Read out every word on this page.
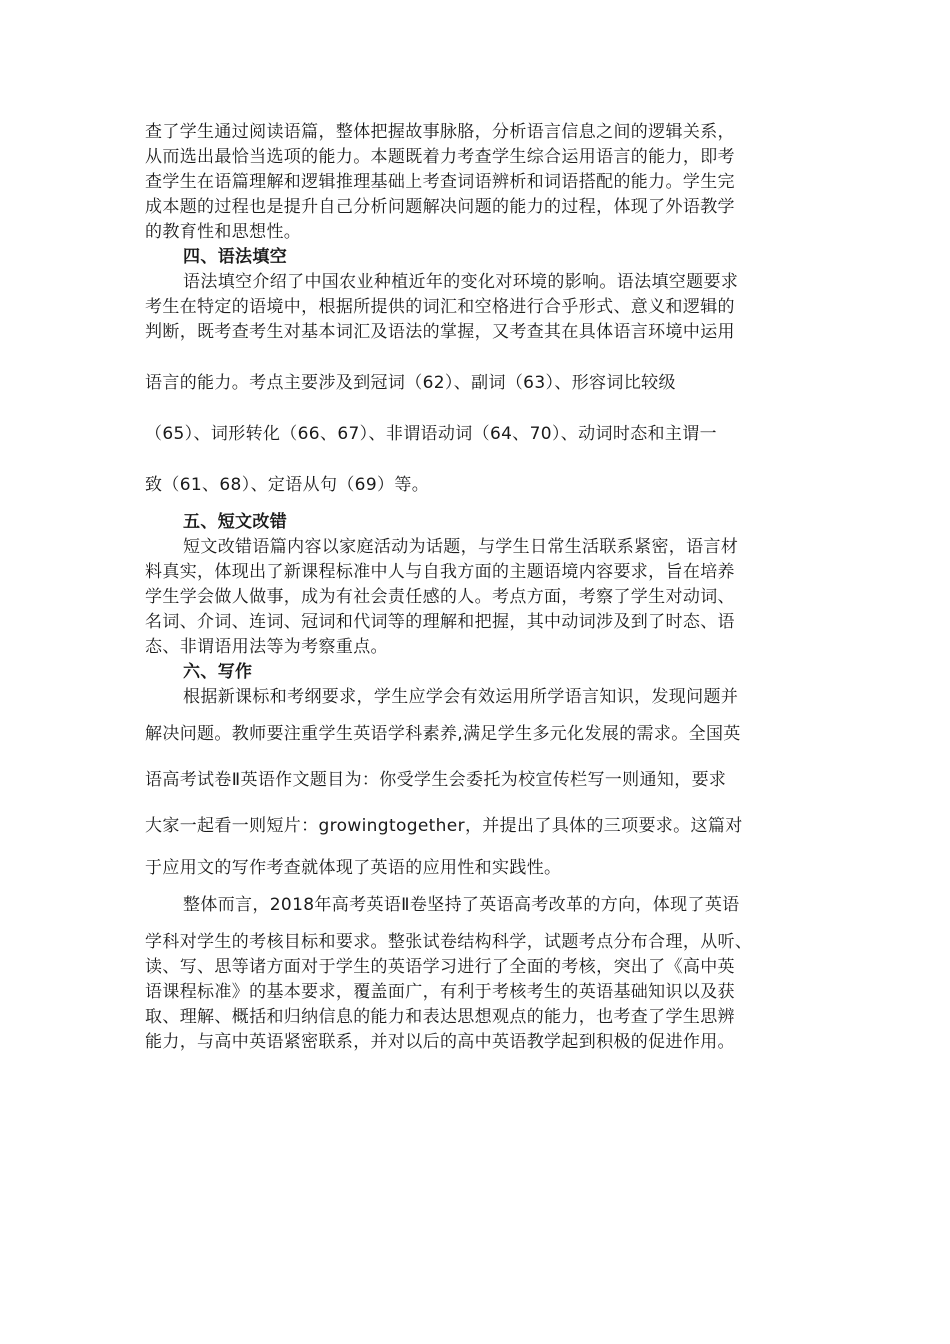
查了学生通过阅读语篇，整体把握故事脉胳，分析语言信息之间的逻辑关系，
从而选出最恰当选项的能力。本题既着力考查学生综合运用语言的能力，即考
查学生在语篇理解和逻辑推理基础上考查词语辨析和词语搭配的能力。学生完
成本题的过程也是提升自己分析问题解决问题的能力的过程，体现了外语教学
的教育性和思想性。
四、语法填空
语法填空介绍了中国农业种植近年的变化对环境的影响。语法填空题要求
考生在特定的语境中，根据所提供的词汇和空格进行合乎形式、意义和逻辑的
判断，既考查考生对基本词汇及语法的掌握，又考查其在具体语言环境中运用
语言的能力。考点主要涉及到冠词（62）、副词（63）、形容词比较级
（65）、词形转化（66、67）、非谓语动词（64、70）、动词时态和主谓一
致（61、68）、定语从句（69）等。
五、短文改错
短文改错语篇内容以家庭活动为话题，与学生日常生活联系紧密，语言材
料真实，体现出了新课程标准中人与自我方面的主题语境内容要求，旨在培养
学生学会做人做事，成为有社会责任感的人。考点方面，考察了学生对动词、
名词、介词、连词、冠词和代词等的理解和把握，其中动词涉及到了时态、语
态、非谓语用法等为考察重点。
六、写作
根据新课标和考纲要求，学生应学会有效运用所学语言知识，发现问题并
解决问题。教师要注重学生英语学科素养,满足学生多元化发展的需求。全国英
语高考试卷Ⅱ英语作文题目为：你受学生会委托为校宣传栏写一则通知，要求
大家一起看一则短片：growingtogether，并提出了具体的三项要求。这篇对
于应用文的写作考查就体现了英语的应用性和实践性。
整体而言，2018年高考英语Ⅱ卷坚持了英语高考改革的方向，体现了英语
学科对学生的考核目标和要求。整张试卷结构科学，试题考点分布合理，从听、
读、写、思等诸方面对于学生的英语学习进行了全面的考核，突出了《高中英
语课程标准》的基本要求，覆盖面广，有利于考核考生的英语基础知识以及获
取、理解、概括和归纳信息的能力和表达思想观点的能力，也考查了学生思辨
能力，与高中英语紧密联系，并对以后的高中英语教学起到积极的促进作用。
